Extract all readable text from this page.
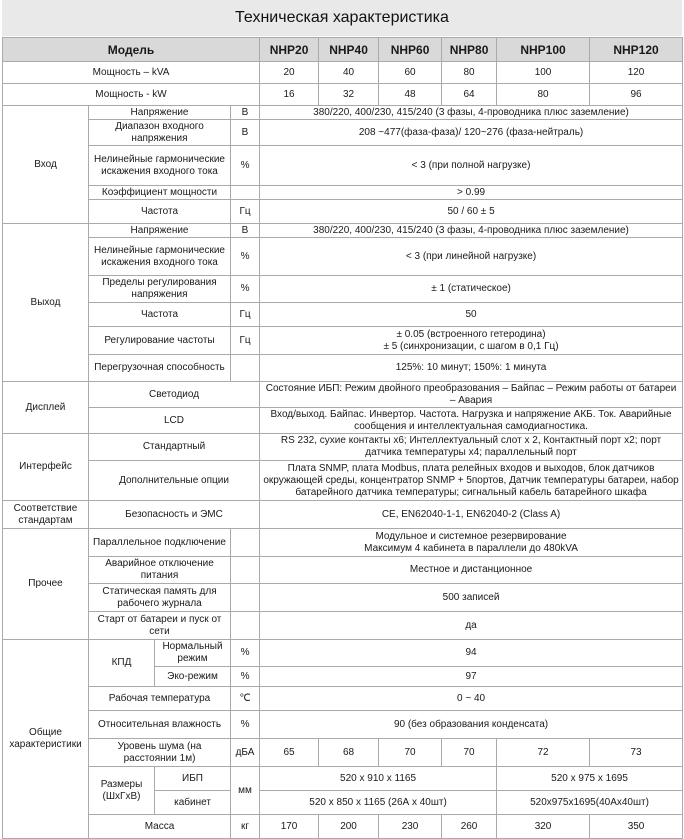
Техническая характеристика
Модель				NHP20	NHP40	NHP60	NHP80	NHP100	NHP120
Мощность – kVA				20	40	60	80	100	120
Мощность - kW				16	32	48	64	80	96
Вход	Напряжение		В	380/220, 400/230, 415/240 (3 фазы, 4-проводника плюс заземление)					
	Диапазон входного напряжения		В	208 ~477(фаза-фаза)/ 120~276 (фаза-нейтраль)					
	Нелинейные гармонические искажения входного тока		%	< 3 (при полной нагрузке)					
	Коэффициент мощности			> 0.99					
	Частота		Гц	50 / 60 ± 5					
Выход	Напряжение		В	380/220, 400/230, 415/240 (3 фазы, 4-проводника плюс заземление)					
	Нелинейные гармонические искажения входного тока		%	< 3 (при линейной нагрузке)					
	Пределы регулирования напряжения		%	± 1 (статическое)					
	Частота		Гц	50					
	Регулирование частоты		Гц	± 0.05 (встроенного гетеродина)
± 5 (синхронизации, с шагом в 0,1 Гц)					

	Перегрузочная способность			125%: 10 минут; 150%: 1 минута					
Дисплей	Светодиод			Состояние ИБП: Режим двойного преобразования – Байпас – Режим работы от батареи – Авария					
	LCD			Вход/выход. Байпас. Инвертор. Частота. Нагрузка и напряжение АКБ. Ток. Аварийные сообщения и интеллектуальная самодиагностика.					
Интерфейс	Стандартный			RS 232, сухие контакты х6; Интеллектуальный слот х 2, Контактный порт х2; порт датчика температуры х4; параллельный порт					
	Дополнительные опции			Плата SNMP, плата Modbus, плата релейных входов и выходов, блок датчиков окружающей среды, концентратор SNMP + 5портов, Датчик температуры батареи, набор батарейного датчика температуры; сигнальный кабель батарейного шкафа					
Соответствие стандартам	Безопасность и ЭМС			CE, EN62040-1-1, EN62040-2 (Class A)					
Прочее	Параллельное подключение			Модульное и системное резервирование
Максимум 4 кабинета в параллели до 480kVA					

	Аварийное отключение питания			Местное и дистанционное					
	Статическая память для рабочего журнала			500 записей					
	Старт от батареи и пуск от сети			да					
Общие характеристики	КПД	Нормальный режим	%	94					
		Эко-режим	%	97					
	Рабочая температура		℃	0 ~ 40					
	Относительная влажность		%	90 (без образования конденсата)					
	Уровень шума (на расстоянии 1м)		дБА	65	68	70	70	72	73
	Размеры (ШхГхВ)	ИБП	мм	520 x 910 x 1165				520 x 975 x 1695	
		кабинет		520 x 850 x 1165 (26А х 40шт)				520x975x1695(40Ах40шт)	
	Масса		кг	170	200	230	260	320	350
